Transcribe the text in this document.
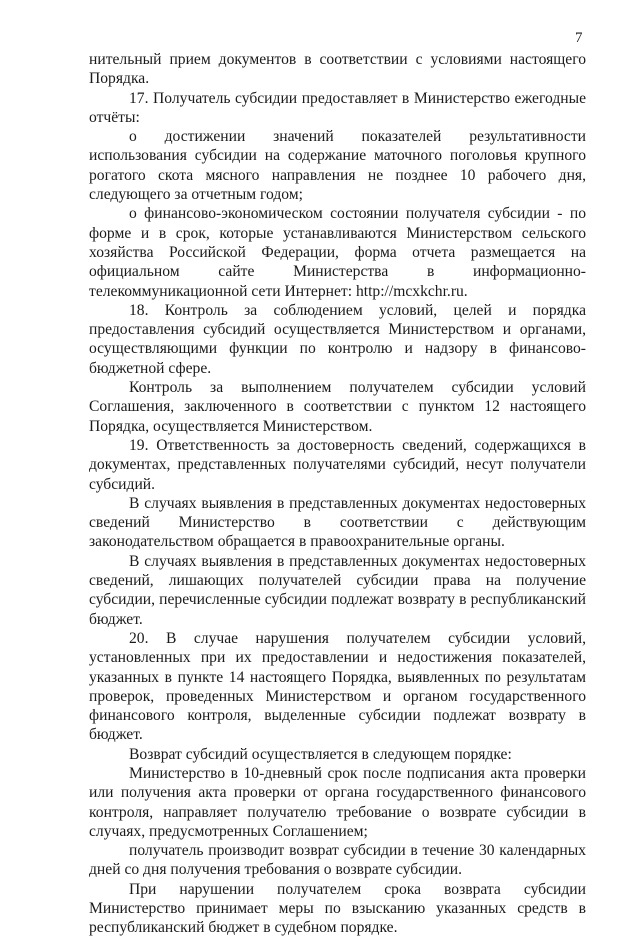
7

нительный прием документов в соответствии с условиями настоящего Порядка.

17. Получатель субсидии предоставляет в Министерство ежегодные отчёты:

о достижении значений показателей результативности использования субсидии на содержание маточного поголовья крупного рогатого скота мясного направления не позднее 10 рабочего дня, следующего за отчетным годом;

о финансово-экономическом состоянии получателя субсидии - по форме и в срок, которые устанавливаются Министерством сельского хозяйства Российской Федерации, форма отчета размещается на официальном сайте Министерства в информационно-телекоммуникационной сети Интернет: http://mcxkchr.ru.

18. Контроль за соблюдением условий, целей и порядка предоставления субсидий осуществляется Министерством и органами, осуществляющими функции по контролю и надзору в финансово-бюджетной сфере.

Контроль за выполнением получателем субсидии условий Соглашения, заключенного в соответствии с пунктом 12 настоящего Порядка, осуществляется Министерством.

19. Ответственность за достоверность сведений, содержащихся в документах, представленных получателями субсидий, несут получатели субсидий.

В случаях выявления в представленных документах недостоверных сведений Министерство в соответствии с действующим законодательством обращается в правоохранительные органы.

В случаях выявления в представленных документах недостоверных сведений, лишающих получателей субсидии права на получение субсидии, перечисленные субсидии подлежат возврату в республиканский бюджет.

20. В случае нарушения получателем субсидии условий, установленных при их предоставлении и недостижения показателей, указанных в пункте 14 настоящего Порядка, выявленных по результатам проверок, проведенных Министерством и органом государственного финансового контроля, выделенные субсидии подлежат возврату в бюджет.

Возврат субсидий осуществляется в следующем порядке:

Министерство в 10-дневный срок после подписания акта проверки или получения акта проверки от органа государственного финансового контроля, направляет получателю требование о возврате субсидии в случаях, предусмотренных Соглашением;

получатель производит возврат субсидии в течение 30 календарных дней со дня получения требования о возврате субсидии.

При нарушении получателем срока возврата субсидии Министерство принимает меры по взысканию указанных средств в республиканский бюджет в судебном порядке.
